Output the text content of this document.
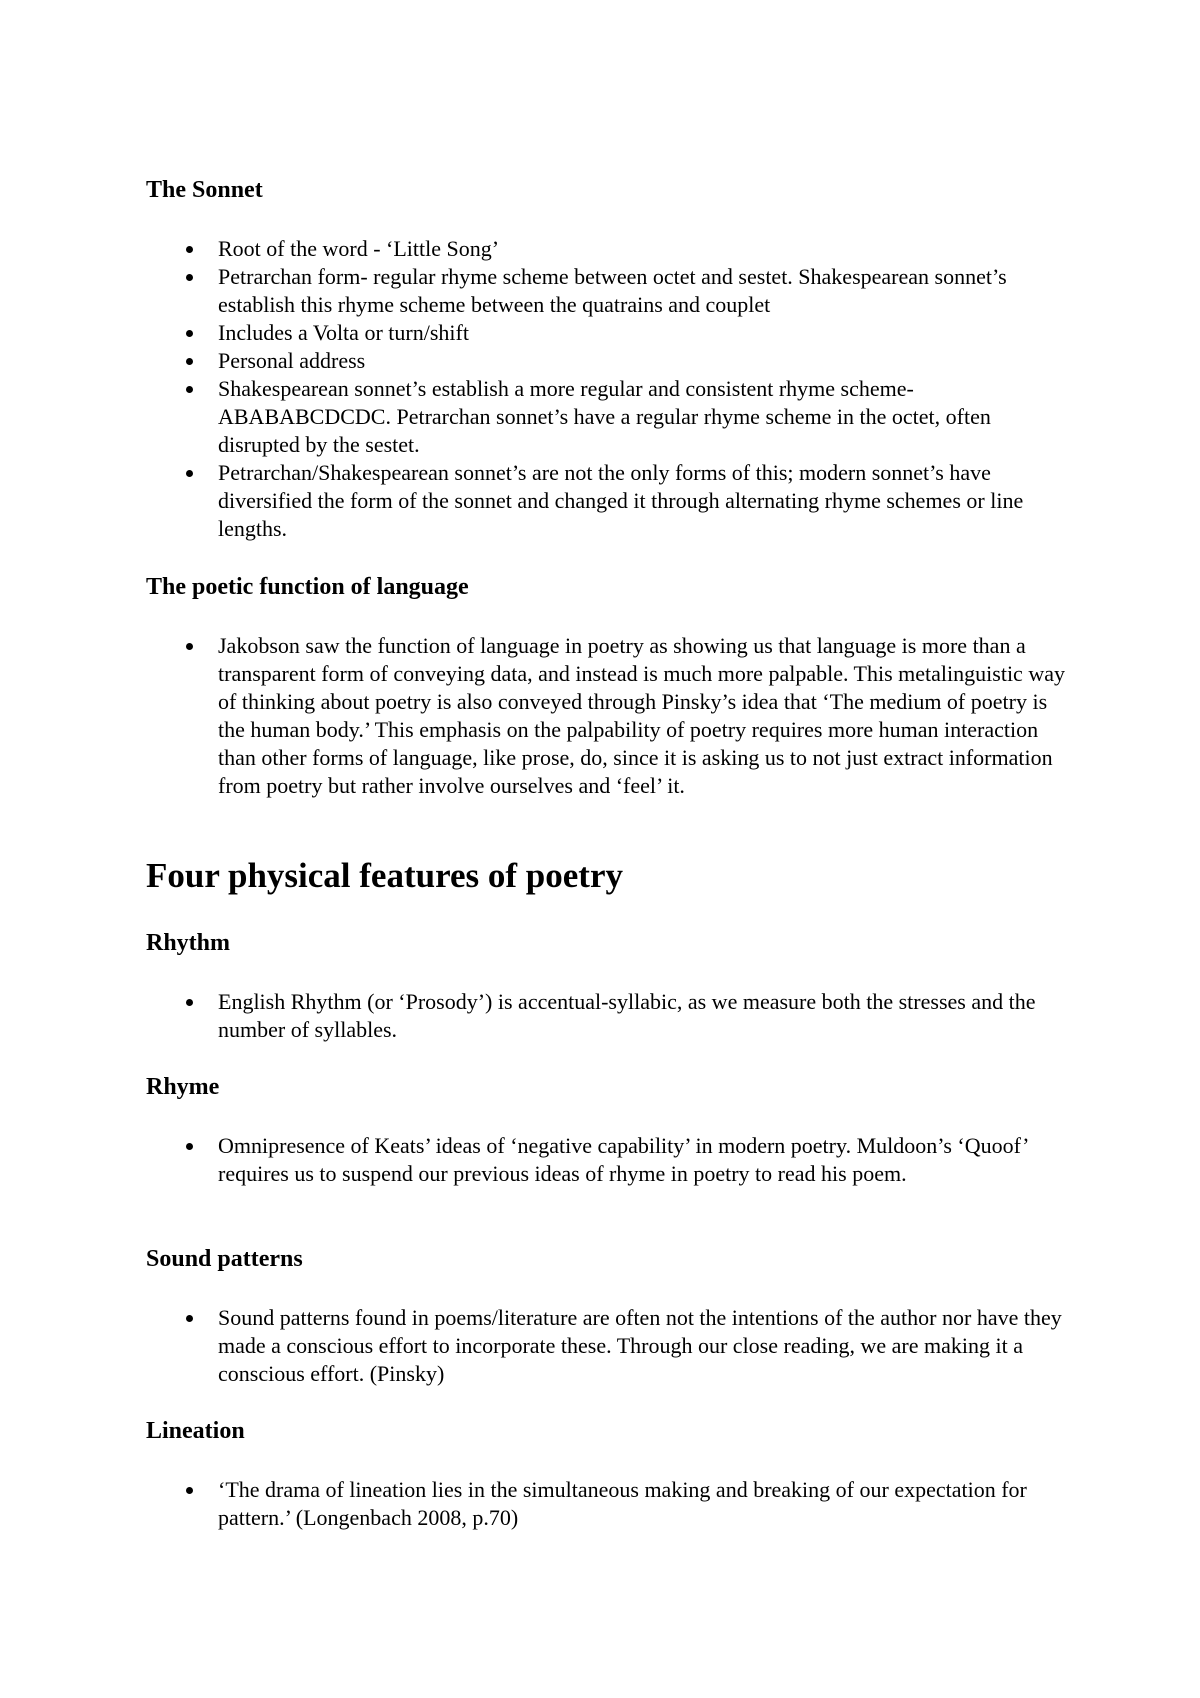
The Sonnet
Root of the word - ‘Little Song’
Petrarchan form- regular rhyme scheme between octet and sestet. Shakespearean sonnet’s establish this rhyme scheme between the quatrains and couplet
Includes a Volta or turn/shift
Personal address
Shakespearean sonnet’s establish a more regular and consistent rhyme scheme- ABABABCDCDC. Petrarchan sonnet’s have a regular rhyme scheme in the octet, often disrupted by the sestet.
Petrarchan/Shakespearean sonnet’s are not the only forms of this; modern sonnet’s have diversified the form of the sonnet and changed it through alternating rhyme schemes or line lengths.
The poetic function of language
Jakobson saw the function of language in poetry as showing us that language is more than a transparent form of conveying data, and instead is much more palpable. This metalinguistic way of thinking about poetry is also conveyed through Pinsky’s idea that ‘The medium of poetry is the human body.’ This emphasis on the palpability of poetry requires more human interaction than other forms of language, like prose, do, since it is asking us to not just extract information from poetry but rather involve ourselves and ‘feel’ it.
Four physical features of poetry
Rhythm
English Rhythm (or ‘Prosody’) is accentual-syllabic, as we measure both the stresses and the number of syllables.
Rhyme
Omnipresence of Keats’ ideas of ‘negative capability’ in modern poetry. Muldoon’s ‘Quoof’ requires us to suspend our previous ideas of rhyme in poetry to read his poem.
Sound patterns
Sound patterns found in poems/literature are often not the intentions of the author nor have they made a conscious effort to incorporate these. Through our close reading, we are making it a conscious effort. (Pinsky)
Lineation
‘The drama of lineation lies in the simultaneous making and breaking of our expectation for pattern.’ (Longenbach 2008, p.70)
